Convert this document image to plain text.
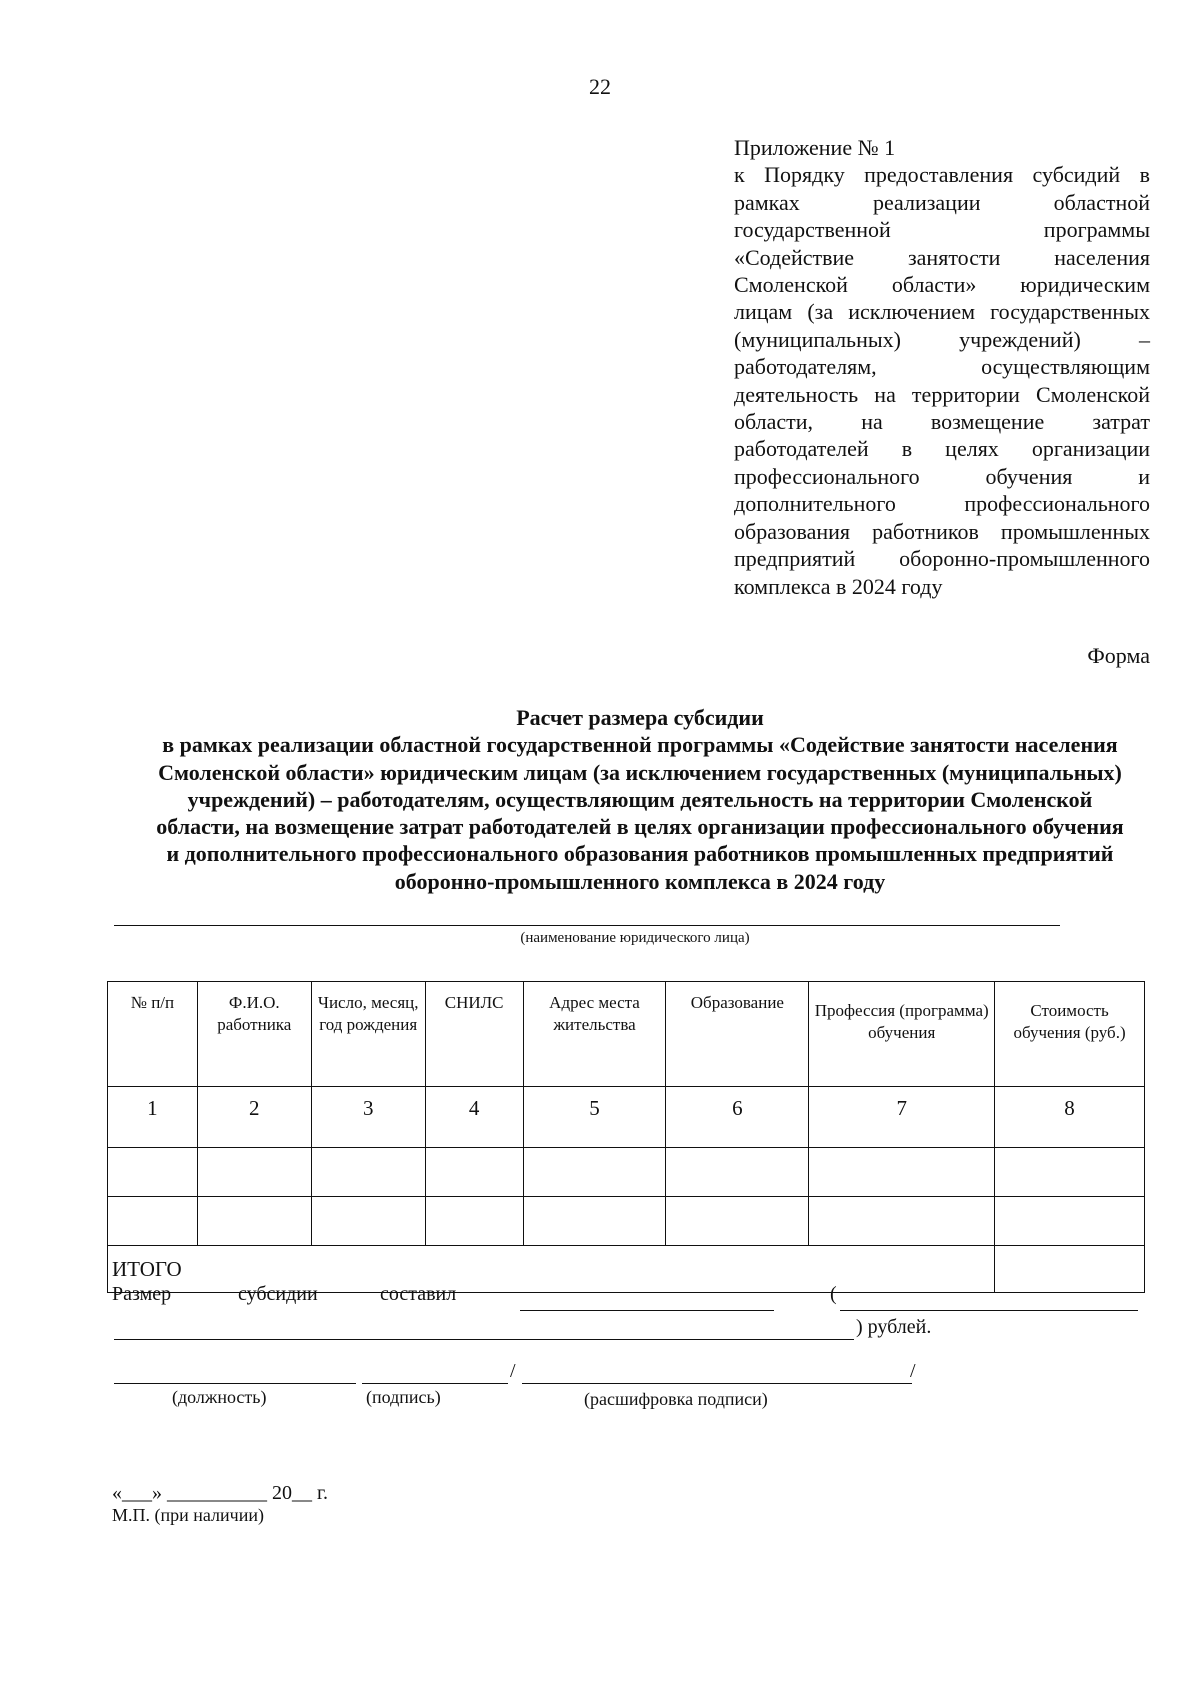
22
Приложение № 1
к Порядку предоставления субсидий в
рамках реализации областной
государственной программы
«Содействие занятости населения
Смоленской области» юридическим
лицам (за исключением государственных
(муниципальных) учреждений) –
работодателям, осуществляющим
деятельность на территории Смоленской
области, на возмещение затрат
работодателей в целях организации
профессионального обучения и
дополнительного профессионального
образования работников промышленных
предприятий оборонно-промышленного
комплекса в 2024 году
Форма
Расчет размера субсидии
в рамках реализации областной государственной программы «Содействие занятости населения
Смоленской области» юридическим лицам (за исключением государственных (муниципальных)
учреждений) – работодателям, осуществляющим деятельность на территории Смоленской
области, на возмещение затрат работодателей в целях организации профессионального обучения
и дополнительного профессионального образования работников промышленных предприятий
оборонно-промышленного комплекса в 2024 году
(наименование юридического лица)
№ п/п	Ф.И.О. работника	Число, месяц, год рождения	СНИЛС	Адрес места жительства	Образование	Профессия (программа) обучения	Стоимость обучения (руб.)
1	2	3	4	5	6	7	8

ИТОГО							
Размер	субсидии	составил	(
) рублей.
/	/
(должность)	(подпись)	(расшифровка подписи)
«___» __________ 20__ г.
М.П. (при наличии)
